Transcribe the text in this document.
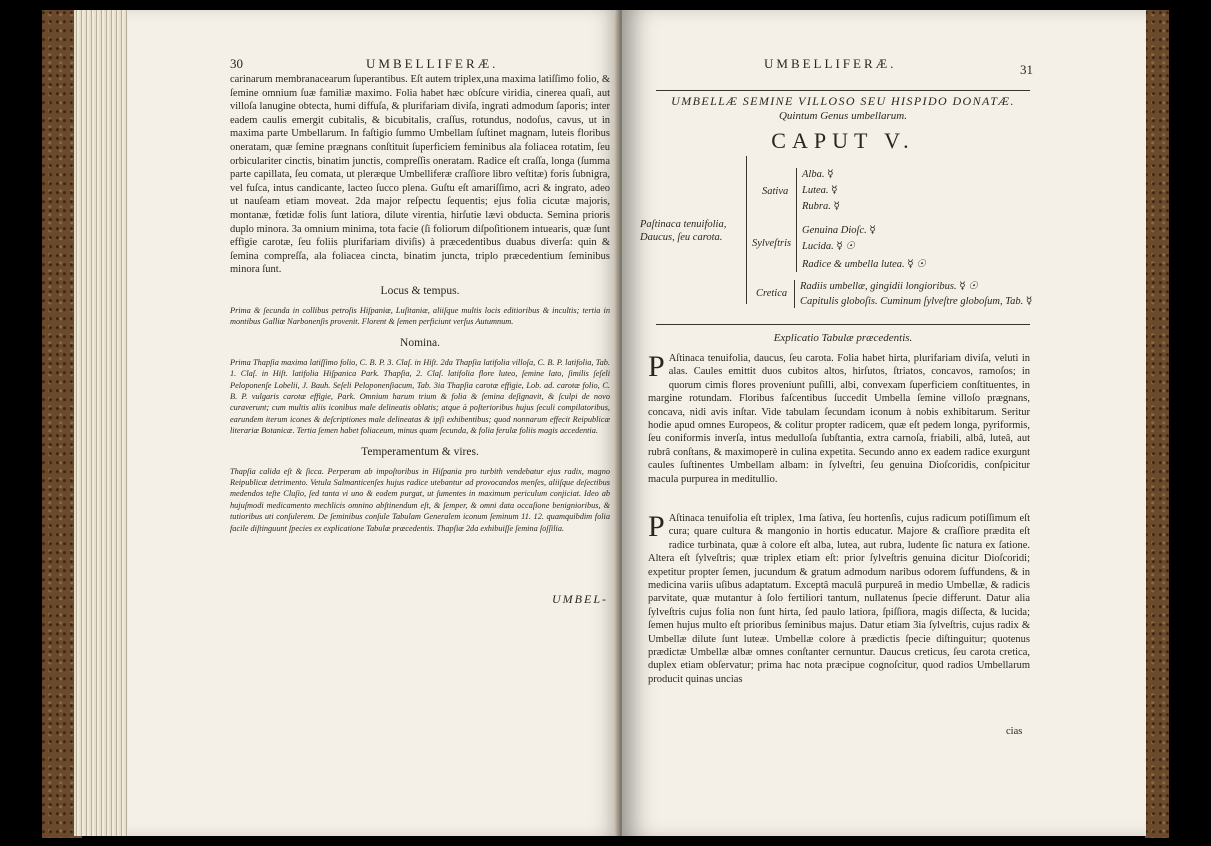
30	UMBELLIFERÆ.

carinarum membranacearum ſuperantibus. Eſt autem triplex,una maxima latiſſimo folio, & ſemine omnium ſuæ familiæ maximo. Folia habet hæc obſcure viridia, cinerea quaſi, aut villoſa lanugine obtecta, humi diffuſa, & plurifariam diviſa, ingrati admodum ſaporis; inter eadem caulis emergit cubitalis, & bicubitalis, craſſus, rotundus, nodoſus, cavus, ut in maxima parte Umbellarum. In faſtigio ſummo Umbellam ſuſtinet magnam, luteis floribus oneratam, quæ ſemine prægnans conſtituit ſuperficiem feminibus ala foliacea rotatim, ſeu orbiculariter cinctis, binatim junctis, compreſſis oneratam. Radice eſt craſſa, longa (ſumma parte capillata, ſeu comata, ut pleræque Umbelliferæ craſſiore libro veſtitæ) foris ſubnigra, vel fuſca, intus candicante, lacteo ſucco plena. Guſtu eſt amariſſimo, acri & ingrato, adeo ut nauſeam etiam moveat. 2da major reſpectu ſequentis; ejus folia cicutæ majoris, montanæ, fœtidæ folis ſunt latiora, dilute virentia, hirſutie lævi obducta. Semina prioris duplo minora. 3a omnium minima, tota facie (ſi foliorum diſpoſitionem intuearis, quæ ſunt effigie carotæ, ſeu foliis plurifariam diviſis) à præcedentibus duabus diverſa: quin & ſemina compreſſa, ala foliacea cincta, binatim juncta, triplo præcedentium ſeminibus minora ſunt.

Locus & tempus.

Prima & ſecunda in collibus petroſis Hiſpaniæ, Luſitaniæ, aliiſque multis locis editioribus & incultis; tertia in montibus Galliæ Narbonenſis provenit. Florent & ſemen perficiunt verſus Autumnum.

Nomina.

Prima Thapſia maxima latiſſimo folio, C. B. P. 3. Claſ. in Hiſt. 2da Thapſia latifolia villoſa, C. B. P. latifolia, Tab. 1. Claſ. in Hiſt. latifolia Hiſpanica Park. Thapſia, 2. Claſ. latifolia flore luteo, ſemine lato, ſimilis ſeſeli Peloponenſe Lobelii, J. Bauh. Seſeli Peloponenſiacum, Tab. 3ia Thapſia carotæ effigie, Lob. ad. carotæ folio, C. B. P. vulgaris carotæ effigie, Park. Omnium harum trium & folia & ſemina deſignavit, & ſculpi de novo curaverunt; cum multis aliis iconibus male delineatis oblatis; atque à poſterioribus hujus ſeculi compilatoribus, earundem iterum icones & deſcriptiones male delineatas & ipſi exhibentibus; quod nonnarum effecit Reipublicæ literariæ Botanicæ. Tertia ſemen habet foliaceum, minus quam ſecunda, & folia ferulæ foliis magis accedentia.

Temperamentum & vires.

Thapſia calida eſt & ſicca. Perperam ab impoſtoribus in Hiſpania pro turbith vendebatur ejus radix, magno Reipublicæ detrimento. Vetula Salmanticenſes hujus radice utebantur ad provocandos menſes, aliiſque deſectibus medendos teſte Cluſio, ſed tanta vi uno & eodem purgat, ut ſumentes in maximum periculum conjiciat. Ideo ab hujuſmodi medicamento mechlicis omnino abſtinendum eſt, & ſemper, & omni data occaſione benignioribus, & tutioribus uti conſulerem. De ſeminibus conſule Tabulam Generalem iconum ſeminum 11. 12. quamquibdim folia facile diſtinguunt ſpecies ex explicatione Tabulæ præcedentis. Thapſiæ 2da exhibuiſſe ſemina ſoſſilia.

UMBEL-
UMBELLIFERÆ.	31
UMBELLÆ SEMINE VILLOSO SEU HISPIDO DONATÆ.
Quintum Genus umbellarum.
CAPUT V.
Paſtinaca tenuifolia, Daucus, ſeu carota.
Sativa
Alba. ☿
Lutea. ☿
Rubra. ☿
Sylveſtris
Genuina Dioſc. ☿
Lucida. ☿ ☉
Radice & umbella lutea. ☿ ☉
Cretica
Radiis umbellæ, gingidii longioribus. ☿ ☉
Capitulis globoſis. Cuminum ſylveſtre globoſum, Tab. ☿
Explicatio Tabulæ præcedentis.

P Aſtinaca tenuifolia, daucus, ſeu carota. Folia habet hirta, plurifariam diviſa, veluti in alas. Caules emittit duos cubitos altos, hirſutos, ſtriatos, concavos, ramoſos; in quorum cimis flores proveniunt puſilli, albi, convexam ſuperficiem conſtituentes, in margine rotundam. Floribus faſcentibus ſuccedit Umbella ſemine villoſo prægnans, concava, nidi avis inſtar. Vide tabulam ſecundam iconum à nobis exhibitarum. Seritur hodie apud omnes Europeos, & colitur propter radicem, quæ eſt pedem longa, pyriformis, ſeu coniformis inverſa, intus medulloſa ſubſtantia, extra carnoſa, friabili, albâ, luteâ, aut rubrâ conſtans, & maximoperè in culina expetita. Secundo anno ex eadem radice exurgunt caules ſuſtinentes Umbellam albam: in ſylveſtri, ſeu genuina Dioſcoridis, conſpicitur macula purpurea in meditullio.

P Aſtinaca tenuifolia eſt triplex, 1ma ſativa, ſeu hortenſis, cujus radicum potiſſimum eſt cura; quare cultura & mangonio in hortis educatur. Majore & craſſiore prædita eſt radice turbinata, quæ à colore eſt alba, lutea, aut rubra, ludente ſic natura ex ſatione. Altera eſt ſylveſtris; quæ triplex etiam eſt: prior ſylveſtris genuina dicitur Dioſcoridi; expetitur propter ſemen, jucundum & gratum admodum naribus odorem ſuffundens, & in medicina variis uſibus adaptatum. Exceptâ maculâ purpureâ in medio Umbellæ, & radicis parvitate, quæ mutantur à ſolo fertiliori tantum, nullatenus ſpecie differunt. Datur alia ſylveſtris cujus folia non ſunt hirta, ſed paulo latiora, ſpiſſiora, magis diſſecta, & lucida; ſemen hujus multo eſt prioribus ſeminibus majus. Datur etiam 3ia ſylveſtris, cujus radix & Umbellæ dilute ſunt luteæ. Umbellæ colore à prædictis ſpecie diſtinguitur; quotenus prædictæ Umbellæ albæ omnes conſtanter cernuntur. Daucus creticus, ſeu carota cretica, duplex etiam obſervatur; prima hac nota præcipue cognoſcitur, quod radios Umbellarum producit quinas uncias

cias
